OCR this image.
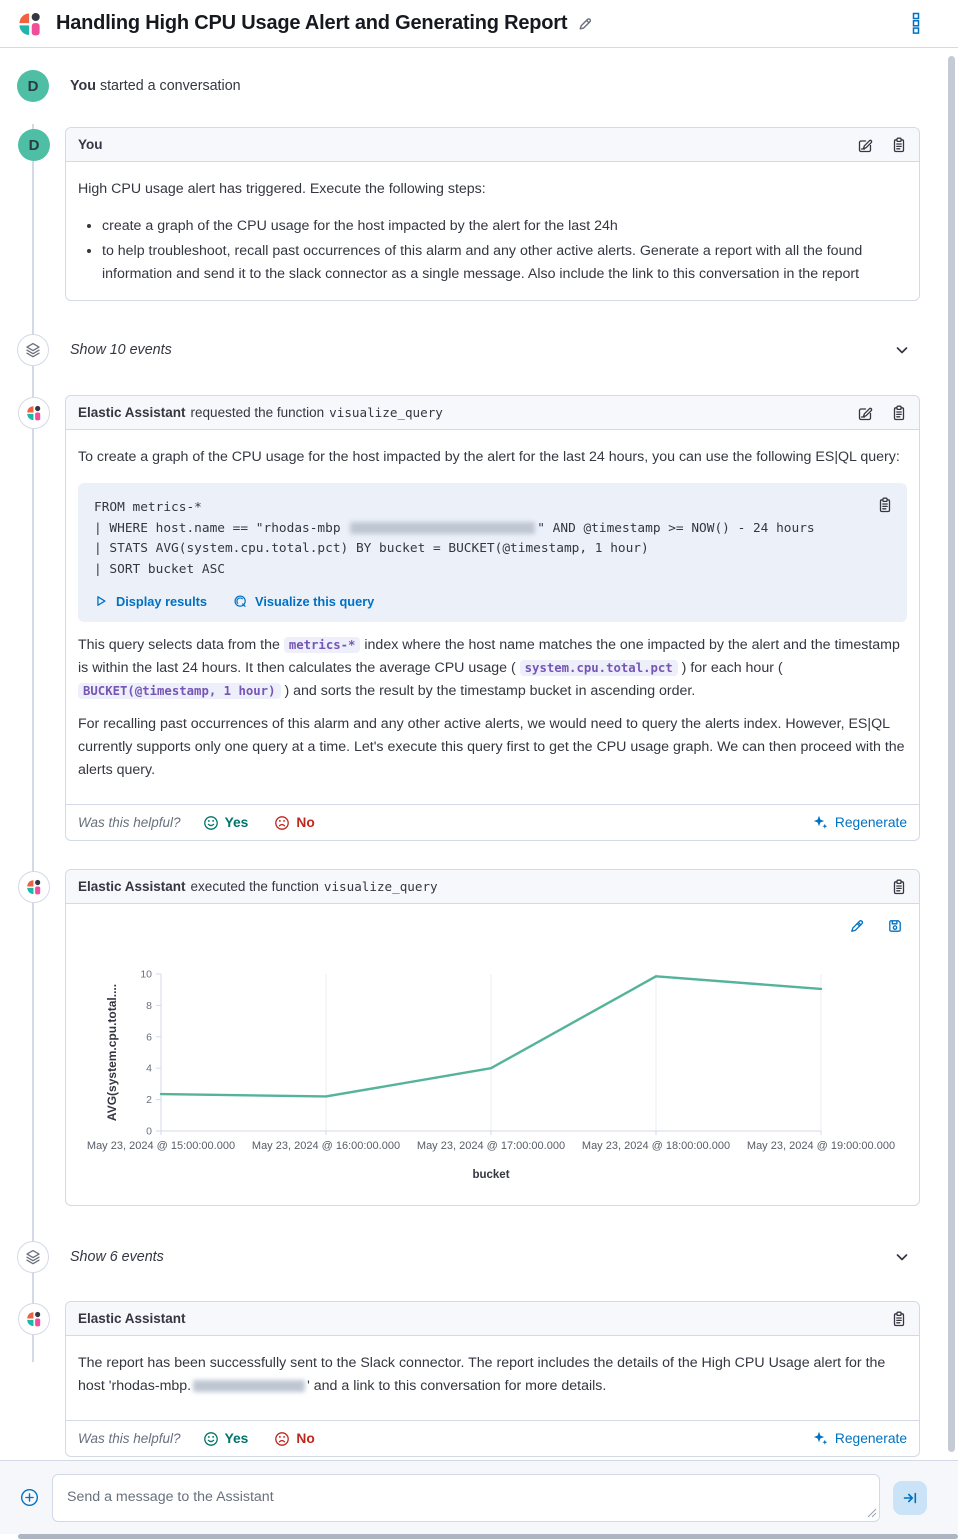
Handling High CPU Usage Alert and Generating Report
D	You started a conversation
D	You

High CPU usage alert has triggered. Execute the following steps:

• create a graph of the CPU usage for the host impacted by the alert for the last 24h
• to help troubleshoot, recall past occurrences of this alarm and any other active alerts. Generate a report with all the found information and send it to the slack connector as a single message. Also include the link to this conversation in the report
Show 10 events
Elastic Assistant requested the function visualize_query

To create a graph of the CPU usage for the host impacted by the alert for the last 24 hours, you can use the following ES|QL query:

FROM metrics-*
| WHERE host.name == "rhodas-mbp	" AND @timestamp >= NOW() - 24 hours
| STATS AVG(system.cpu.total.pct) BY bucket = BUCKET(@timestamp, 1 hour)
| SORT bucket ASC
Display results	Visualize this query

This query selects data from the metrics-* index where the host name matches the one impacted by the alert and the timestamp is within the last 24 hours. It then calculates the average CPU usage ( system.cpu.total.pct ) for each hour ( BUCKET(@timestamp, 1 hour) ) and sorts the result by the timestamp bucket in ascending order.

For recalling past occurrences of this alarm and any other active alerts, we would need to query the alerts index. However, ES|QL currently supports only one query at a time. Let's execute this query first to get the CPU usage graph. We can then proceed with the alerts query.

Was this helpful?	Yes	No	Regenerate
Elastic Assistant executed the function visualize_query
0
2
4
6
8
10
May 23, 2024 @ 15:00:00.000 May 23, 2024 @ 16:00:00.000 May 23, 2024 @ 17:00:00.000 May 23, 2024 @ 18:00:00.000 May 23, 2024 @ 19:00:00.000
bucket
AVG(system.cpu.total....
Show 6 events
Elastic Assistant

The report has been successfully sent to the Slack connector. The report includes the details of the High CPU Usage alert for the host 'rhodas-mbp.	' and a link to this conversation for more details.

Was this helpful?	Yes	No	Regenerate
Send a message to the Assistant
